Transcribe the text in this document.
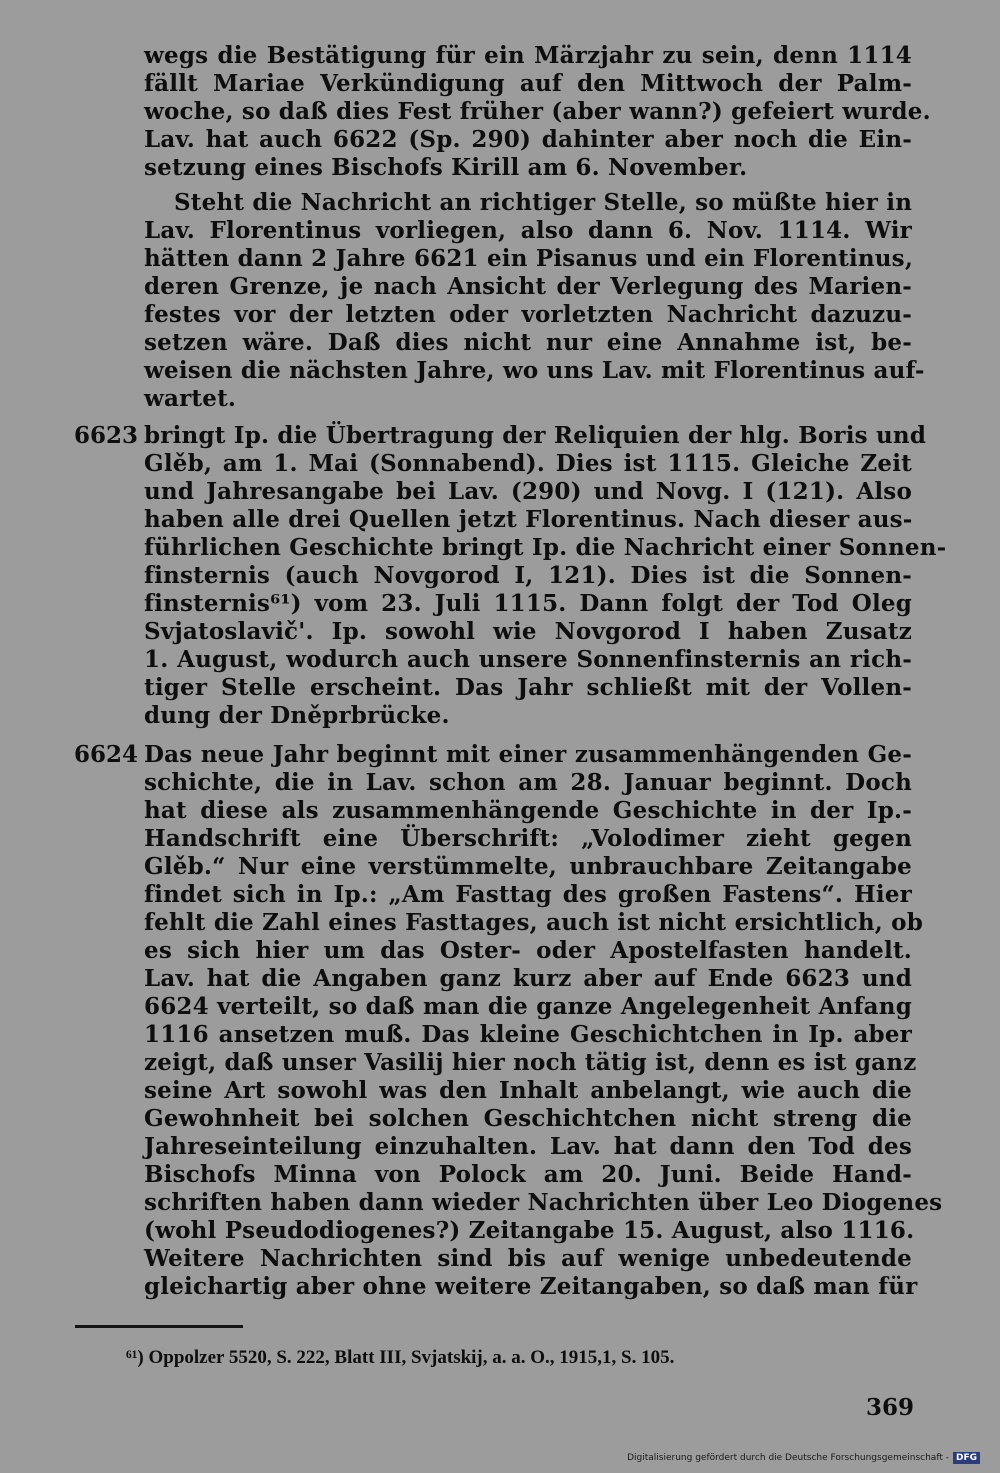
wegs die Bestätigung für ein Märzjahr zu sein, denn 1114
fällt Mariae Verkündigung auf den Mittwoch der Palm-
woche, so daß dies Fest früher (aber wann?) gefeiert wurde.
Lav. hat auch 6622 (Sp. 290) dahinter aber noch die Ein-
setzung eines Bischofs Kirill am 6. November.
Steht die Nachricht an richtiger Stelle, so müßte hier in
Lav. Florentinus vorliegen, also dann 6. Nov. 1114. Wir
hätten dann 2 Jahre 6621 ein Pisanus und ein Florentinus,
deren Grenze, je nach Ansicht der Verlegung des Marien-
festes vor der letzten oder vorletzten Nachricht dazuzu-
setzen wäre. Daß dies nicht nur eine Annahme ist, be-
weisen die nächsten Jahre, wo uns Lav. mit Florentinus auf-
wartet.
6623 bringt Ip. die Übertragung der Reliquien der hlg. Boris und
Glěb, am 1. Mai (Sonnabend). Dies ist 1115. Gleiche Zeit
und Jahresangabe bei Lav. (290) und Novg. I (121). Also
haben alle drei Quellen jetzt Florentinus. Nach dieser aus-
führlichen Geschichte bringt Ip. die Nachricht einer Sonnen-
finsternis (auch Novgorod I, 121). Dies ist die Sonnen-
finsternis⁶¹) vom 23. Juli 1115. Dann folgt der Tod Oleg
Svjatoslavič'. Ip. sowohl wie Novgorod I haben Zusatz
1. August, wodurch auch unsere Sonnenfinsternis an rich-
tiger Stelle erscheint. Das Jahr schließt mit der Vollen-
dung der Dněprbrücke.
6624 Das neue Jahr beginnt mit einer zusammenhängenden Ge-
schichte, die in Lav. schon am 28. Januar beginnt. Doch
hat diese als zusammenhängende Geschichte in der Ip.-
Handschrift eine Überschrift: „Volodimer zieht gegen
Glěb.“ Nur eine verstümmelte, unbrauchbare Zeitangabe
findet sich in Ip.: „Am Fasttag des großen Fastens“. Hier
fehlt die Zahl eines Fasttages, auch ist nicht ersichtlich, ob
es sich hier um das Oster- oder Apostelfasten handelt.
Lav. hat die Angaben ganz kurz aber auf Ende 6623 und
6624 verteilt, so daß man die ganze Angelegenheit Anfang
1116 ansetzen muß. Das kleine Geschichtchen in Ip. aber
zeigt, daß unser Vasilij hier noch tätig ist, denn es ist ganz
seine Art sowohl was den Inhalt anbelangt, wie auch die
Gewohnheit bei solchen Geschichtchen nicht streng die
Jahreseinteilung einzuhalten. Lav. hat dann den Tod des
Bischofs Minna von Polock am 20. Juni. Beide Hand-
schriften haben dann wieder Nachrichten über Leo Diogenes
(wohl Pseudodiogenes?) Zeitangabe 15. August, also 1116.
Weitere Nachrichten sind bis auf wenige unbedeutende
gleichartig aber ohne weitere Zeitangaben, so daß man für
⁶¹) Oppolzer 5520, S. 222, Blatt III, Svjatskij, a. a. O., 1915,1, S. 105.
369
Digitalisierung gefördert durch die Deutsche Forschungsgemeinschaft - DFG
